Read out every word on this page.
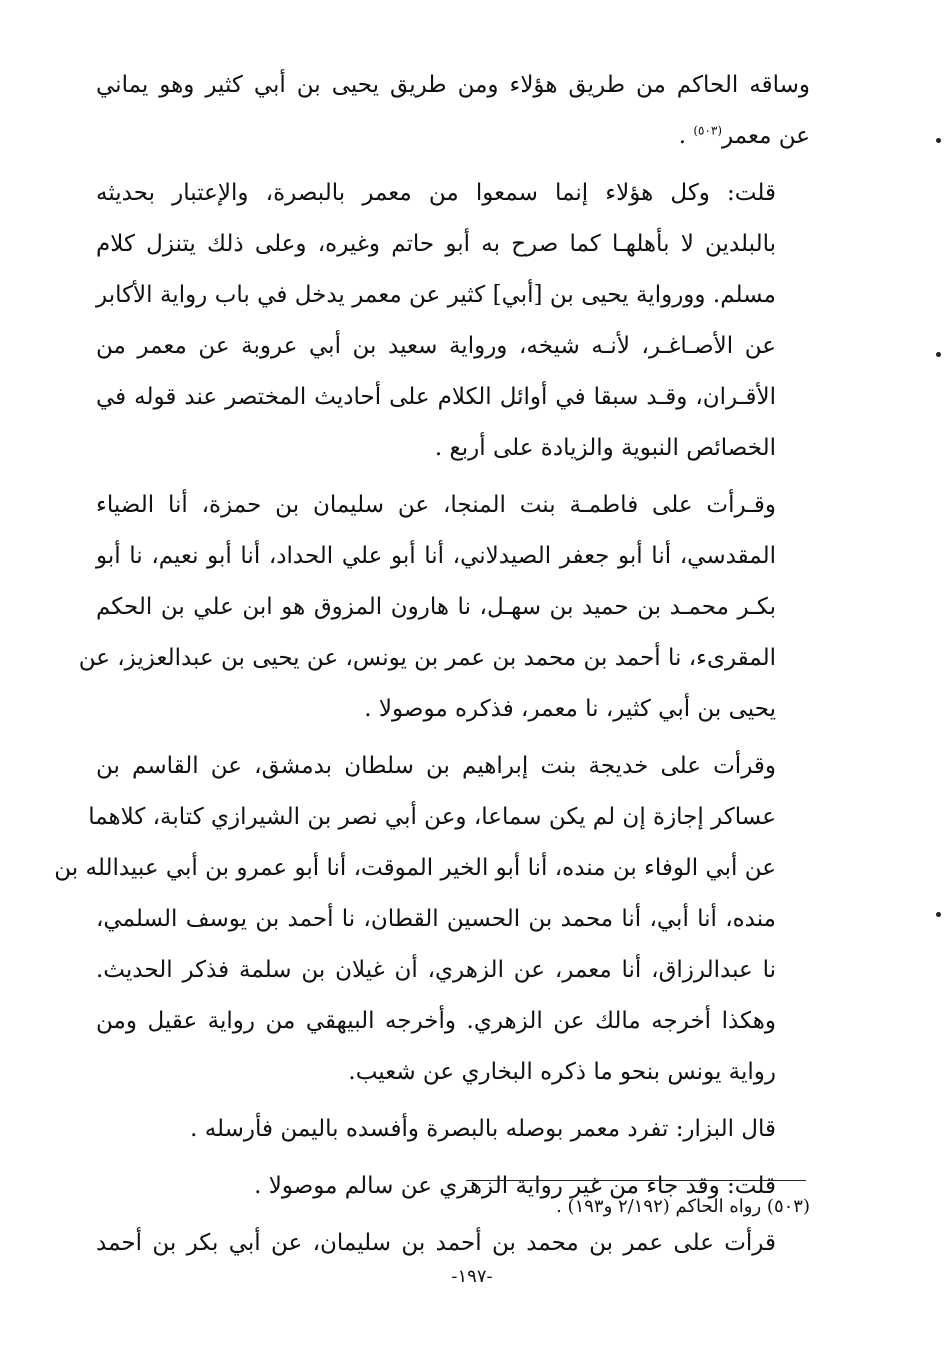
وساقه الحاكم من طريق هؤلاء ومن طريق يحيى بن أبي كثير وهو يماني
عن معمر$^{(٥٠٣)}$ .

قلت: وكل هؤلاء إنما سمعوا من معمر بالبصرة، والإعتبار بحديثه
بالبلدين لا بأهلهـا كما صرح به أبو حاتم وغيره، وعلى ذلك يتنزل كلام
مسلم. وورواية يحيى بن [أبي] كثير عن معمر يدخل في باب رواية الأكابر
عن الأصـاغـر، لأنـه شيخه، ورواية سعيد بن أبي عروبة عن معمر من
الأقـران، وقـد سبقا في أوائل الكلام على أحاديث المختصر عند قوله في
الخصائص النبوية والزيادة على أربع .

وقـرأت على فاطمـة بنت المنجا، عن سليمان بن حمزة، أنا الضياء
المقدسي، أنا أبو جعفر الصيدلاني، أنا أبو علي الحداد، أنا أبو نعيم، نا أبو
بكـر محمـد بن حميد بن سهـل، نا هارون المزوق هو ابن علي بن الحكم
المقرىء، نا أحمد بن محمد بن عمر بن يونس، عن يحيى بن عبدالعزيز، عن
يحيى بن أبي كثير، نا معمر، فذكره موصولا .

وقرأت على خديجة بنت إبراهيم بن سلطان بدمشق، عن القاسم بن
عساكر إجازة إن لم يكن سماعا، وعن أبي نصر بن الشيرازي كتابة، كلاهما
عن أبي الوفاء بن منده، أنا أبو الخير الموقت، أنا أبو عمرو بن أبي عبيدالله بن
منده، أنا أبي، أنا محمد بن الحسين القطان، نا أحمد بن يوسف السلمي،
نا عبدالرزاق، أنا معمر، عن الزهري، أن غيلان بن سلمة فذكر الحديث.
وهكذا أخرجه مالك عن الزهري. وأخرجه البيهقي من رواية عقيل ومن
رواية يونس بنحو ما ذكره البخاري عن شعيب.

قال البزار: تفرد معمر بوصله بالبصرة وأفسده باليمن فأرسله .

قلت: وقد جاء من غير رواية الزهري عن سالم موصولا .

قرأت على عمر بن محمد بن أحمد بن سليمان، عن أبي بكر بن أحمد

(٥٠٣) رواه الحاكم (٢/١٩٢ و١٩٣) .
-١٩٧-
